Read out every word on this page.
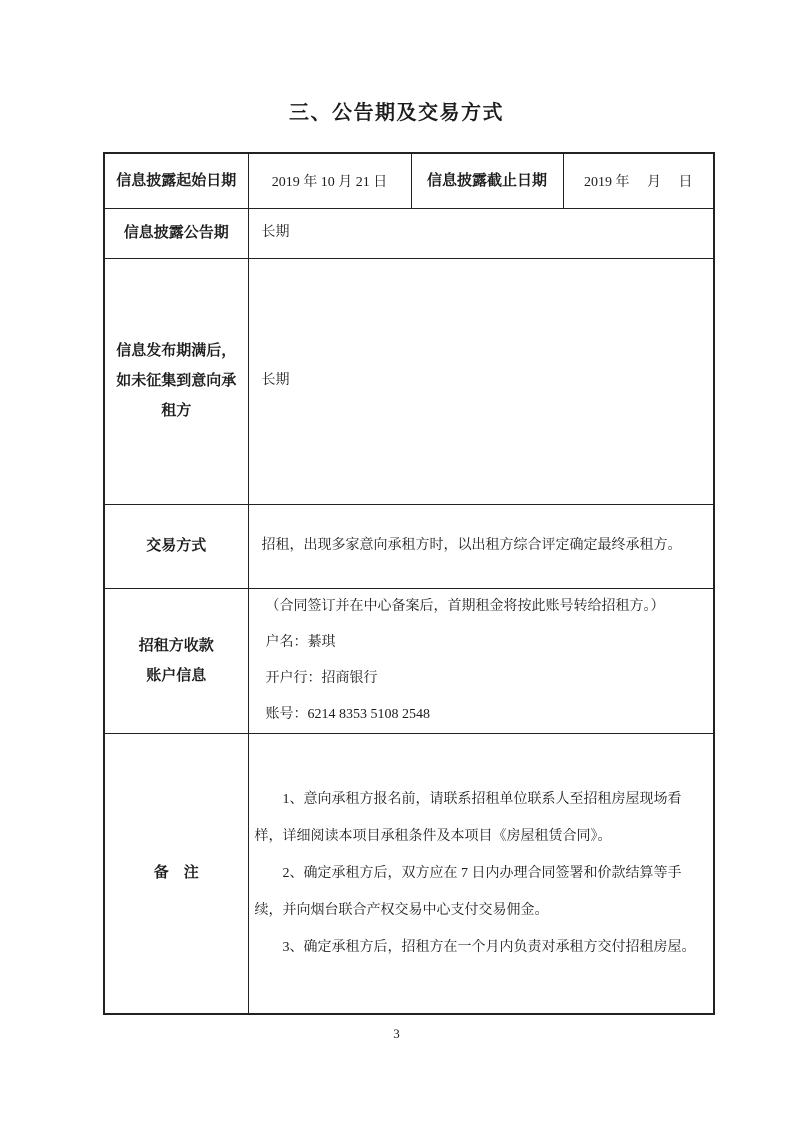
三、公告期及交易方式
信息披露起始日期	2019 年 10 月 21 日	信息披露截止日期	2019 年　 月　 日
信息披露公告期	长期		

信息发布期满后，
如未征集到意向承
租方	长期		
交易方式	招租，出现多家意向承租方时，以出租方综合评定确定最终承租方。		

招租方收款
账户信息	（合同签订并在中心备案后，首期租金将按此账号转给招租方。）
户名：綦琪
开户行：招商银行
账号：6214 8353 5108 2548		

备　注	1、意向承租方报名前，请联系招租单位联系人至招租房屋现场看样，详细阅读本项目承租条件及本项目《房屋租赁合同》。

2、确定承租方后，双方应在 7 日内办理合同签署和价款结算等手续，并向烟台联合产权交易中心支付交易佣金。

3、确定承租方后，招租方在一个月内负责对承租方交付招租房屋。		

3
